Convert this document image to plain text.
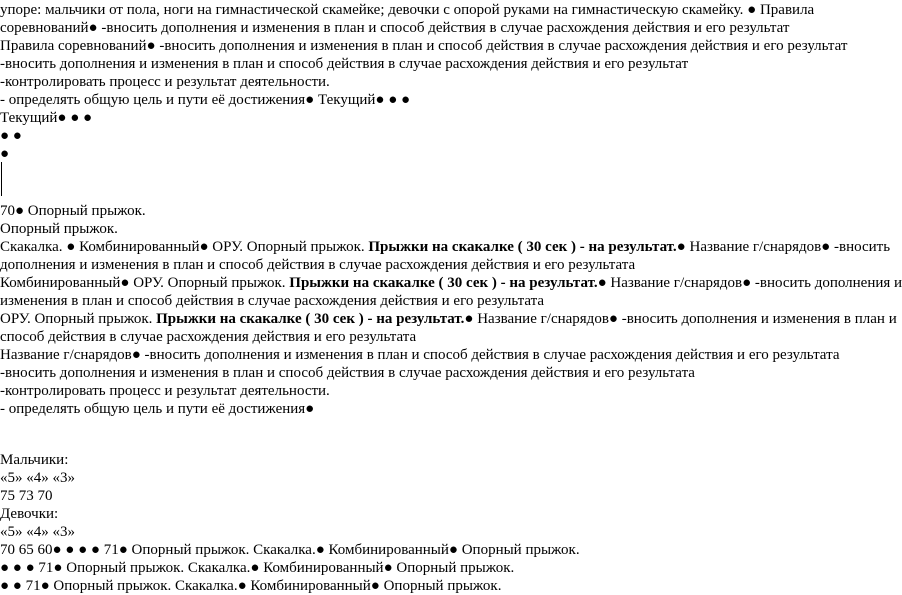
упоре: мальчики от пола, ноги на гимнастической скамейке; девочки с опорой руками на гимнастическую скамейку. ● Правила

соревнований● -вносить дополнения и изменения в план и способ действия в случае расхождения действия и его результат

Правила соревнований● -вносить дополнения и изменения в план и способ действия в случае расхождения действия и его результат

-вносить дополнения и изменения в план и способ действия в случае расхождения действия и его результат

-контролировать процесс и результат деятельности.

- определять общую цель и пути её достижения● Текущий● ● ●

Текущий● ● ●

● ●

●

70● Опорный прыжок.

Опорный прыжок.

Скакалка. ● Комбинированный● ОРУ. Опорный прыжок. Прыжки на скакалке ( 30 сек ) - на результат.● Название г/снарядов● -вносить

дополнения и изменения в план и способ действия в случае расхождения действия и его результата

Комбинированный● ОРУ. Опорный прыжок. Прыжки на скакалке ( 30 сек ) - на результат.● Название г/снарядов● -вносить дополнения и

изменения в план и способ действия в случае расхождения действия и его результата

ОРУ. Опорный прыжок. Прыжки на скакалке ( 30 сек ) - на результат.● Название г/снарядов● -вносить дополнения и изменения в план и

способ действия в случае расхождения действия и его результата

Название г/снарядов● -вносить дополнения и изменения в план и способ действия в случае расхождения действия и его результата

-вносить дополнения и изменения в план и способ действия в случае расхождения действия и его результата

-контролировать процесс и результат деятельности.

- определять общую цель и пути её достижения●

Мальчики:

«5» «4» «3»

75 73 70

Девочки:

«5» «4» «3»

70 65 60● ● ● ● 71● Опорный прыжок. Скакалка.● Комбинированный● Опорный прыжок.

● ● ● 71● Опорный прыжок. Скакалка.● Комбинированный● Опорный прыжок.

● ● 71● Опорный прыжок. Скакалка.● Комбинированный● Опорный прыжок.
